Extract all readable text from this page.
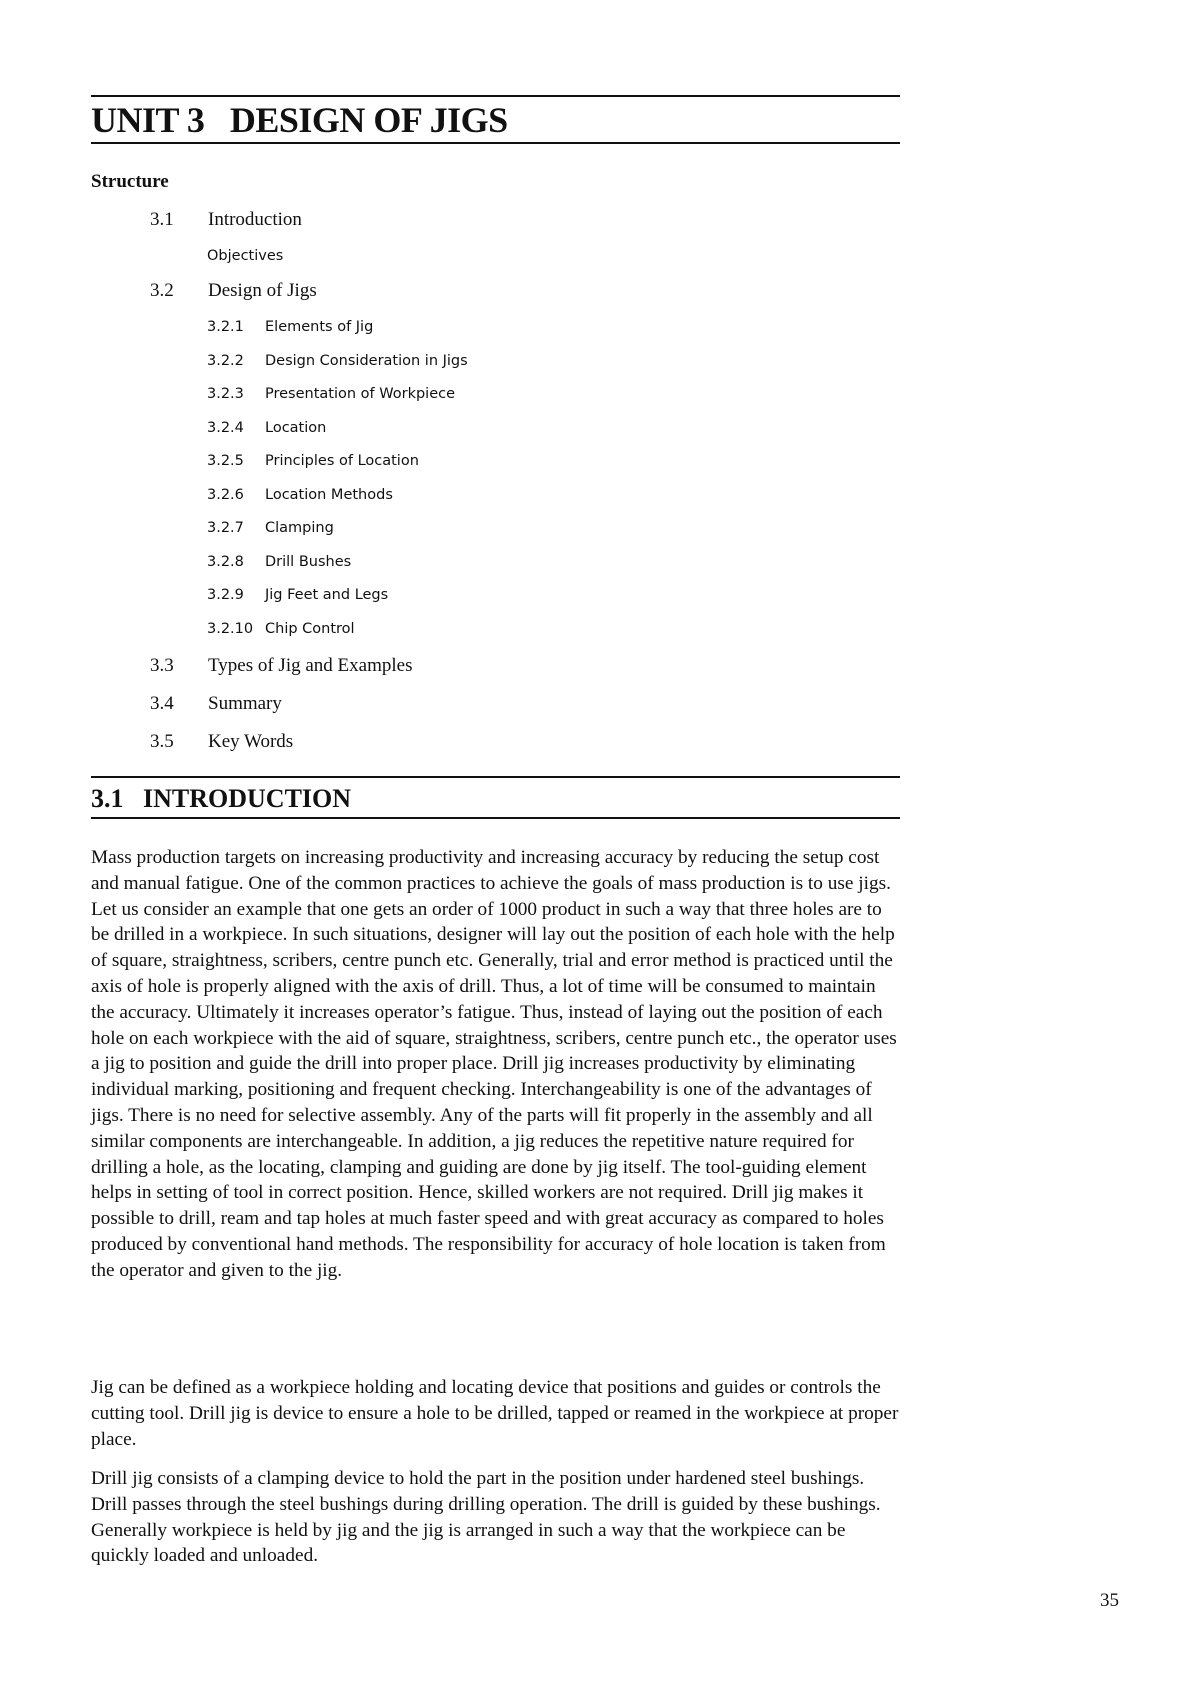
UNIT 3   DESIGN OF JIGS
Structure
3.1 Introduction
Objectives
3.2 Design of Jigs
3.2.1 Elements of Jig
3.2.2 Design Consideration in Jigs
3.2.3 Presentation of Workpiece
3.2.4 Location
3.2.5 Principles of Location
3.2.6 Location Methods
3.2.7 Clamping
3.2.8 Drill Bushes
3.2.9 Jig Feet and Legs
3.2.10 Chip Control
3.3 Types of Jig and Examples
3.4 Summary
3.5 Key Words
3.1   INTRODUCTION

Mass production targets on increasing productivity and increasing accuracy by reducing the setup cost and manual fatigue. One of the common practices to achieve the goals of mass production is to use jigs. Let us consider an example that one gets an order of 1000 product in such a way that three holes are to be drilled in a workpiece. In such situations, designer will lay out the position of each hole with the help of square, straightness, scribers, centre punch etc. Generally, trial and error method is practiced until the axis of hole is properly aligned with the axis of drill. Thus, a lot of time will be consumed to maintain the accuracy. Ultimately it increases operator’s fatigue. Thus, instead of laying out the position of each hole on each workpiece with the aid of square, straightness, scribers, centre punch etc., the operator uses a jig to position and guide the drill into proper place. Drill jig increases productivity by eliminating individual marking, positioning and frequent checking. Interchangeability is one of the advantages of jigs. There is no need for selective assembly. Any of the parts will fit properly in the assembly and all similar components are interchangeable. In addition, a jig reduces the repetitive nature required for drilling a hole, as the locating, clamping and guiding are done by jig itself. The tool-guiding element helps in setting of tool in correct position. Hence, skilled workers are not required. Drill jig makes it possible to drill, ream and tap holes at much faster speed and with great accuracy as compared to holes produced by conventional hand methods. The responsibility for accuracy of hole location is taken from the operator and given to the jig.

Jig can be defined as a workpiece holding and locating device that positions and guides or controls the cutting tool. Drill jig is device to ensure a hole to be drilled, tapped or reamed in the workpiece at proper place.

Drill jig consists of a clamping device to hold the part in the position under hardened steel bushings. Drill passes through the steel bushings during drilling operation. The drill is guided by these bushings. Generally workpiece is held by jig and the jig is arranged in such a way that the workpiece can be quickly loaded and unloaded.

35
